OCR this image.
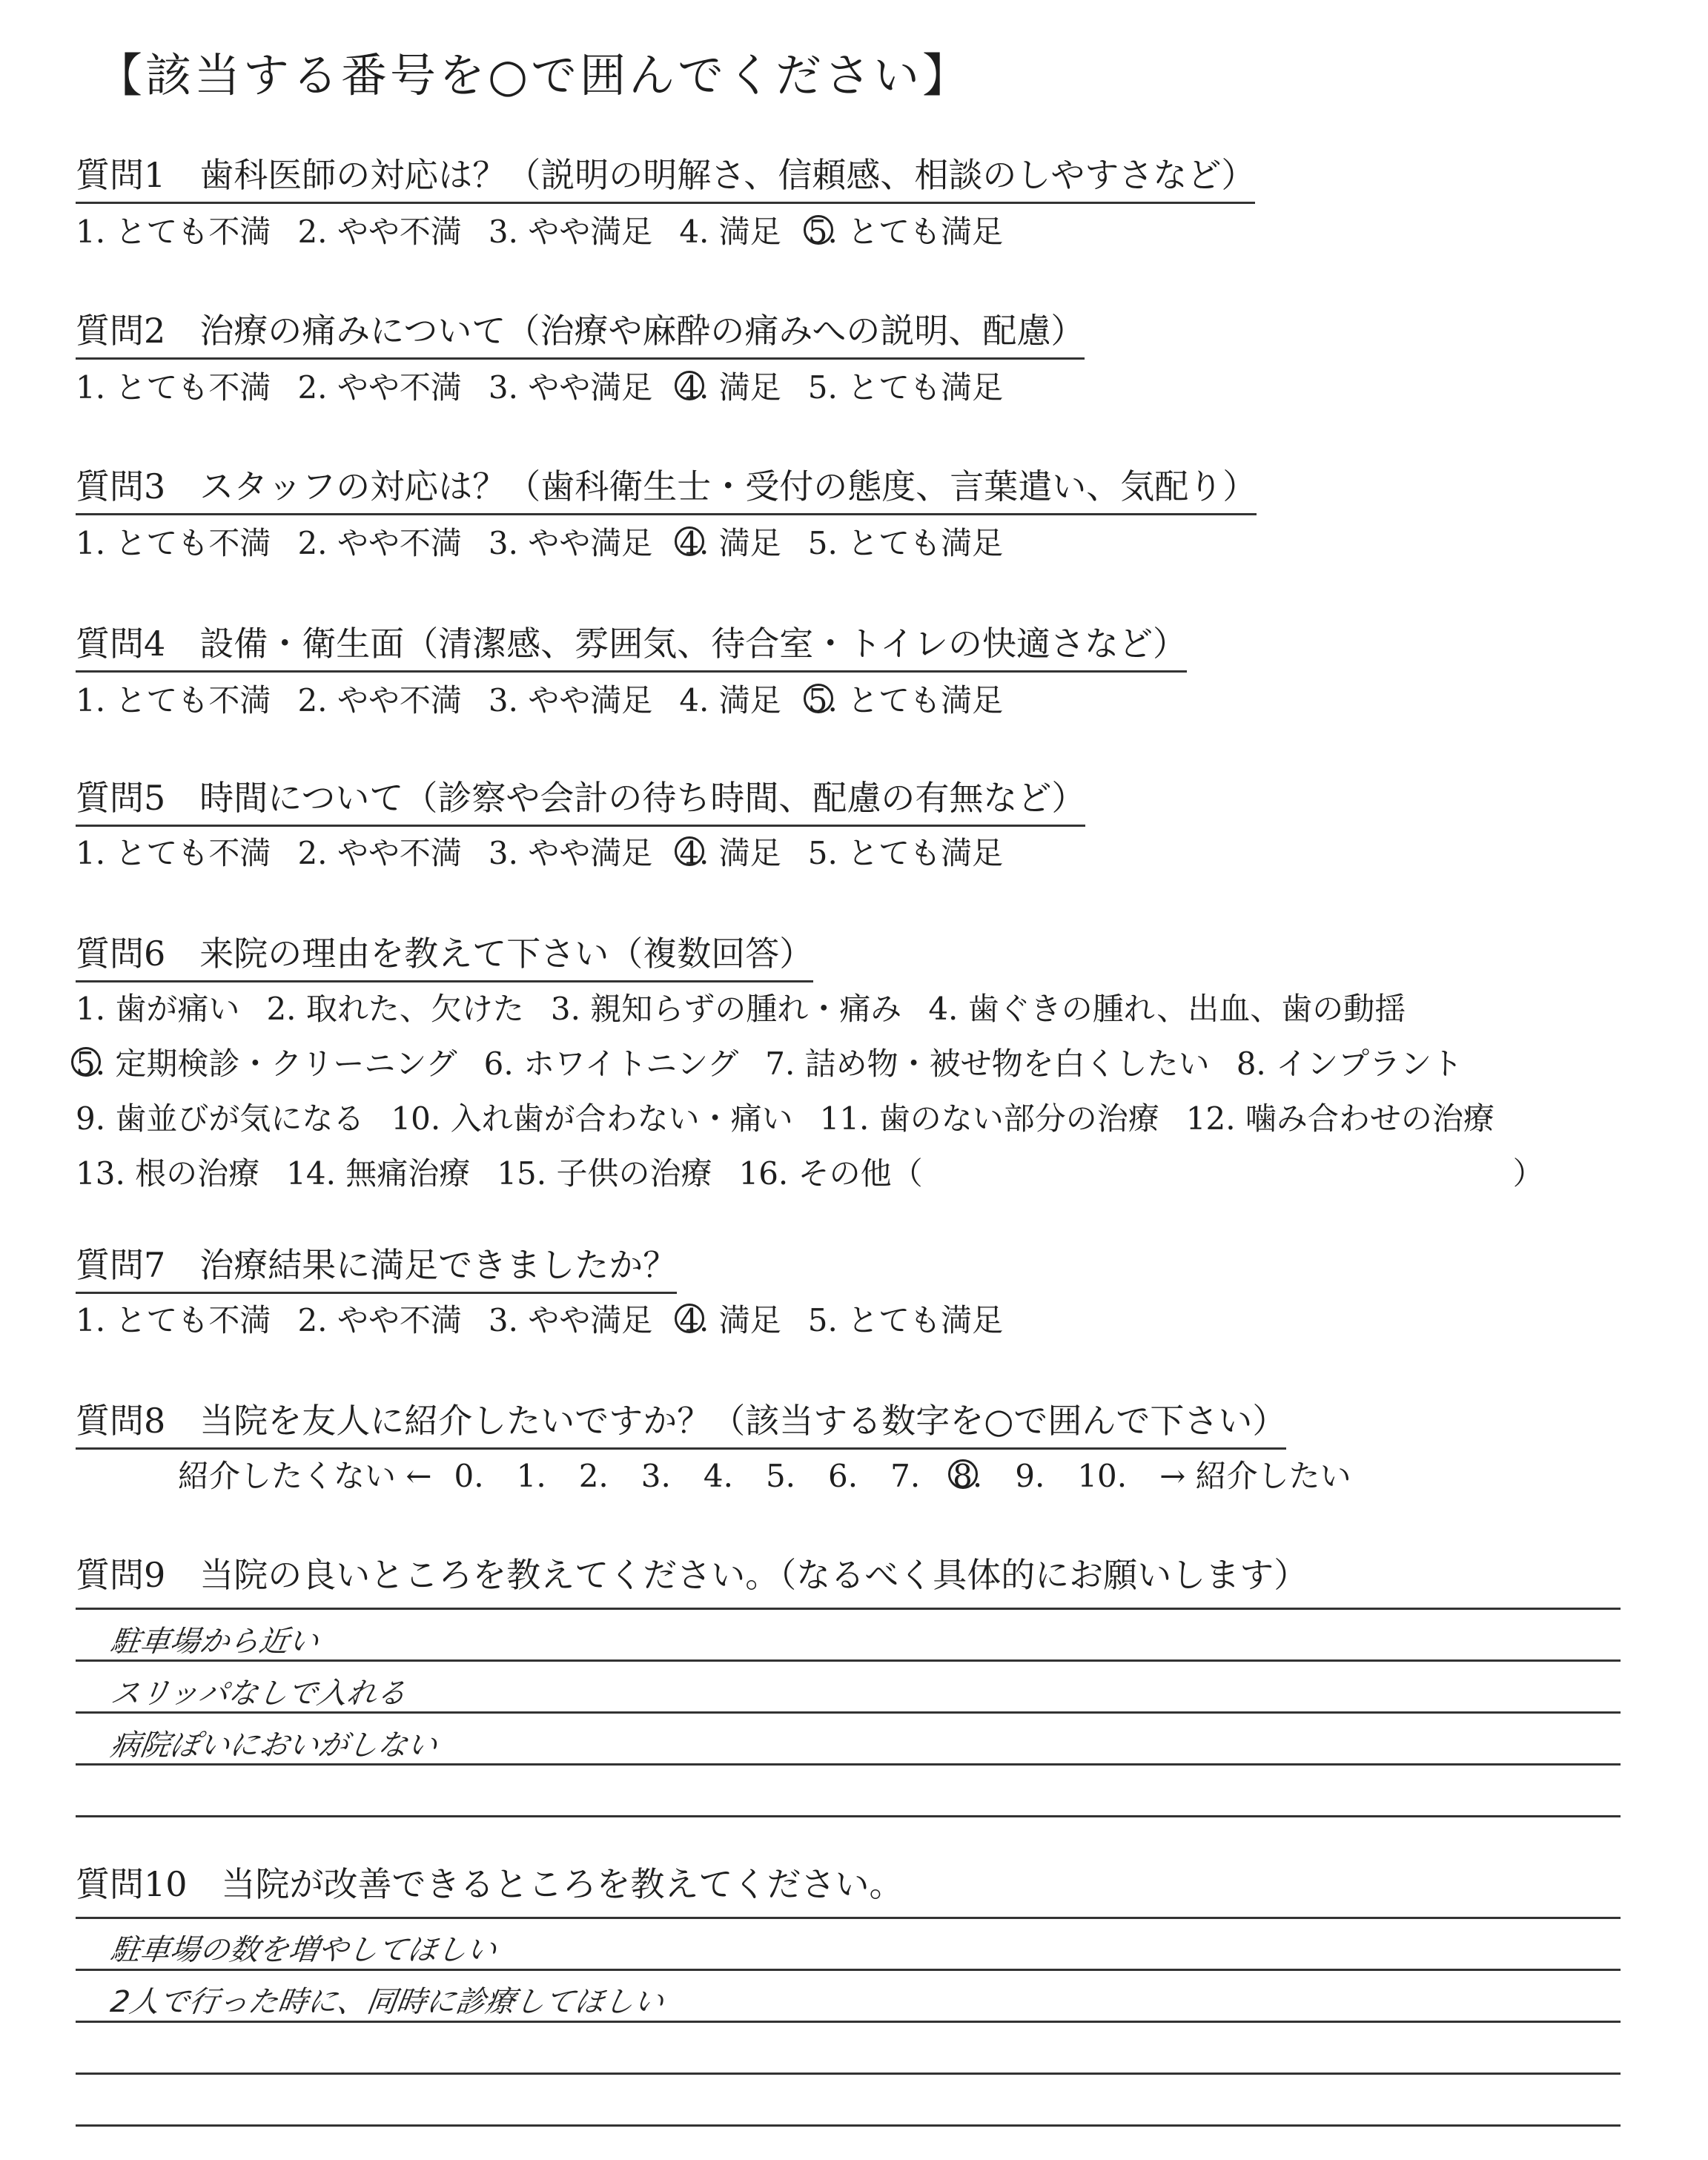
【該当する番号を○で囲んでください】
質問1　歯科医師の対応は？（説明の明解さ、信頼感、相談のしやすさなど）
1. とても不満 2. やや不満 3. やや満足 4. 満足 5. とても満足
質問2　治療の痛みについて（治療や麻酔の痛みへの説明、配慮）
1. とても不満 2. やや不満 3. やや満足 4. 満足 5. とても満足
質問3　スタッフの対応は？（歯科衛生士・受付の態度、言葉遣い、気配り）
1. とても不満 2. やや不満 3. やや満足 4. 満足 5. とても満足
質問4　設備・衛生面（清潔感、雰囲気、待合室・トイレの快適さなど）
1. とても不満 2. やや不満 3. やや満足 4. 満足 5. とても満足
質問5　時間について（診察や会計の待ち時間、配慮の有無など）
1. とても不満 2. やや不満 3. やや満足 4. 満足 5. とても満足
質問6　来院の理由を教えて下さい（複数回答）
1. 歯が痛い 2. 取れた、欠けた 3. 親知らずの腫れ・痛み 4. 歯ぐきの腫れ、出血、歯の動揺
5. 定期検診・クリーニング 6. ホワイトニング 7. 詰め物・被せ物を白くしたい 8. インプラント
9. 歯並びが気になる 10. 入れ歯が合わない・痛い 11. 歯のない部分の治療 12. 噛み合わせの治療
13. 根の治療 14. 無痛治療 15. 子供の治療 16. その他（	）
質問7　治療結果に満足できましたか？
1. とても不満 2. やや不満 3. やや満足 4. 満足 5. とても満足
質問8　当院を友人に紹介したいですか？（該当する数字を○で囲んで下さい）
紹介したくない ← 0. 1. 2. 3. 4. 5. 6. 7. 8. 9. 10. → 紹介したい
質問9　当院の良いところを教えてください。（なるべく具体的にお願いします）
駐車場から近い
スリッパなしで入れる
病院ぽいにおいがしない
質問10　当院が改善できるところを教えてください。
駐車場の数を増やしてほしい
2人で行った時に、同時に診療してほしい
